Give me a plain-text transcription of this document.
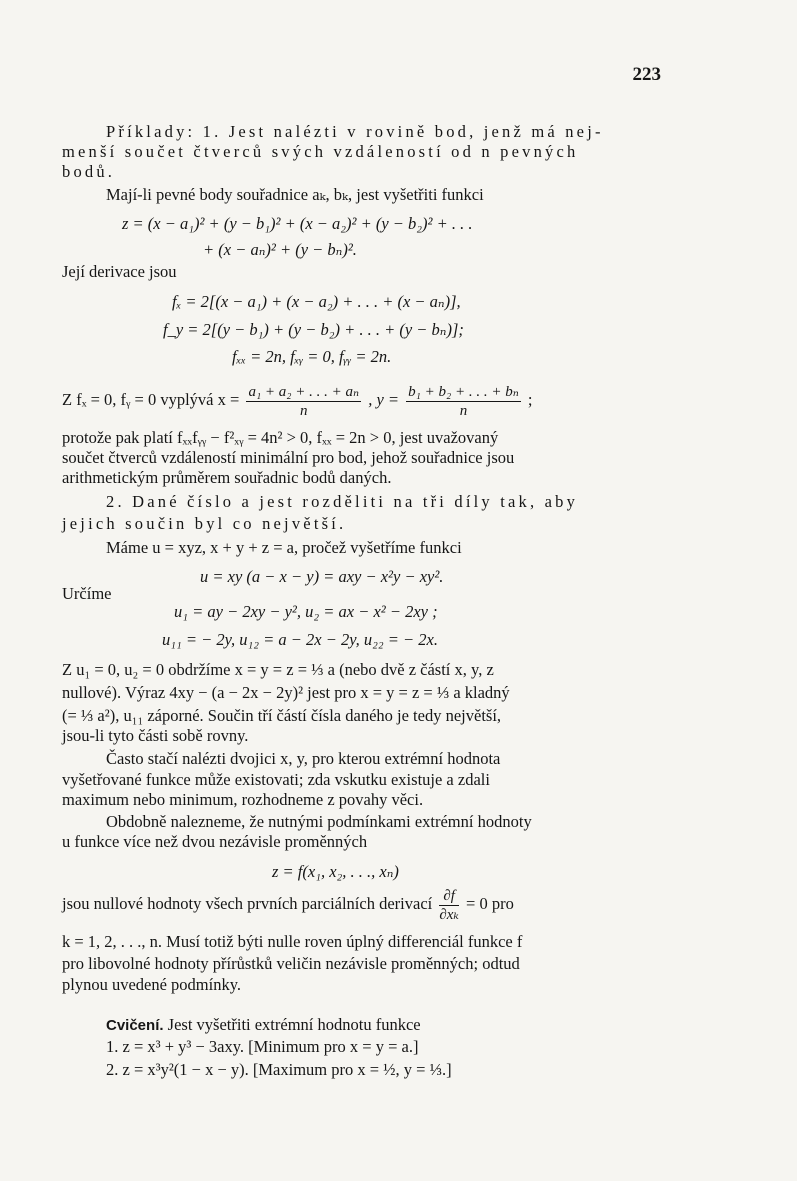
223
Příklady: 1. Jest nalézti v rovině bod, jenž má nej-
menší součet čtverců svých vzdáleností od n pevných
bodů.
Mají-li pevné body souřadnice aₖ, bₖ, jest vyšetřiti funkci
z = (x − a₁)² + (y − b₁)² + (x − a₂)² + (y − b₂)² + . . .
+ (x − aₙ)² + (y − bₙ)².
Její derivace jsou
fₓ = 2[(x − a₁) + (x − a₂) + . . . + (x − aₙ)],
f_y = 2[(y − b₁) + (y − b₂) + . . . + (y − bₙ)];
fₓₓ = 2n, fₓᵧ = 0, fᵧᵧ = 2n.
Z fₓ = 0, fᵧ = 0 vyplývá $x = \frac{\text{a₁ + a₂ + . . . + aₙ}}{n}$ , $y = \frac{\text{b₁ + b₂ + . . . + bₙ}}{n}$ ;
protože pak platí fₓₓfᵧᵧ − f²ₓᵧ = 4n² > 0, fₓₓ = 2n > 0, jest uvažovaný
součet čtverců vzdáleností minimální pro bod, jehož souřadnice jsou
arithmetickým průměrem souřadnic bodů daných.
2. Dané číslo a jest rozděliti na tři díly tak, aby
jejich součin byl co největší.
Máme u = xyz, x + y + z = a, pročež vyšetříme funkci
u = xy (a − x − y) = axy − x²y − xy².
Určíme
u₁ = ay − 2xy − y², u₂ = ax − x² − 2xy ;
u₁₁ = − 2y, u₁₂ = a − 2x − 2y, u₂₂ = − 2x.
Z u₁ = 0, u₂ = 0 obdržíme x = y = z = ⅓ a (nebo dvě z částí x, y, z
nullové). Výraz 4xy − (a − 2x − 2y)² jest pro x = y = z = ⅓ a kladný
(= ⅓ a²), u₁₁ záporné. Součin tří částí čísla daného je tedy největší,
jsou-li tyto části sobě rovny.
Často stačí nalézti dvojici x, y, pro kterou extrémní hodnota
vyšetřované funkce může existovati; zda vskutku existuje a zdali
maximum nebo minimum, rozhodneme z povahy věci.
Obdobně nalezneme, že nutnými podmínkami extrémní hodnoty
u funkce více než dvou nezávisle proměnných
z = f(x₁, x₂, . . ., xₙ)
jsou nullové hodnoty všech prvních parciálních derivací $\frac{\partial f}{\text{∂xₖ}} = 0$ pro
k = 1, 2, . . ., n. Musí totiž býti nulle roven úplný differenciál funkce f
pro libovolné hodnoty přírůstků veličin nezávisle proměnných; odtud
plynou uvedené podmínky.
Cvičení. Jest vyšetřiti extrémní hodnotu funkce
1. z = x³ + y³ − 3axy. [Minimum pro x = y = a.]
2. z = x³y²(1 − x − y). [Maximum pro x = ½, y = ⅓.]
